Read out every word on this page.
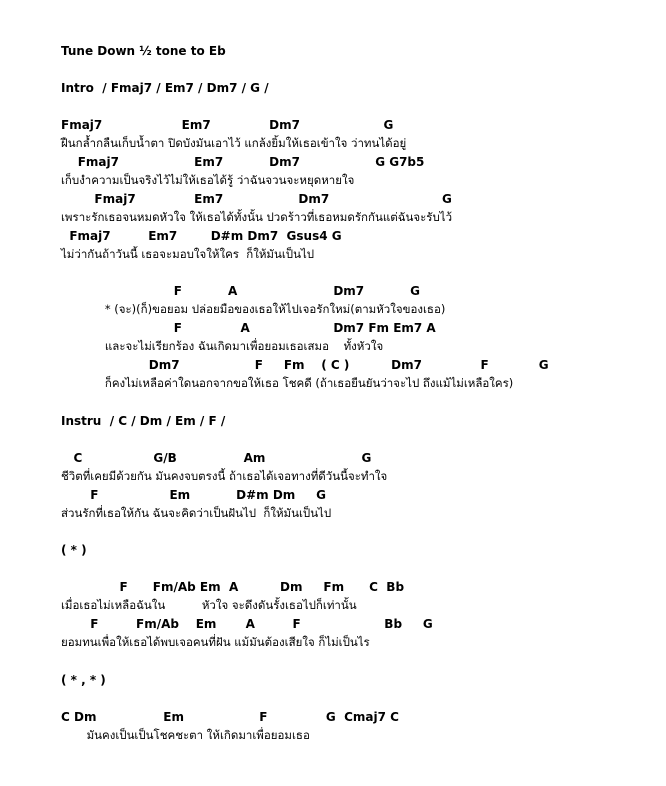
Tune Down ½ tone to Eb
Intro  / Fmaj7 / Em7 / Dm7 / G /
Fmaj7                   Em7              Dm7                    G
ฝืนกล้ำกลืนเก็บน้ำตา ปิดบังมันเอาไว้ แกล้งยิ้มให้เธอเข้าใจ ว่าทนได้อยู่
Fmaj7                  Em7           Dm7                  G G7b5
เก็บงำความเป็นจริงไว้ไม่ให้เธอได้รู้ ว่าฉันจวนจะหยุดหายใจ
Fmaj7              Em7                  Dm7                           G
เพราะรักเธอจนหมดหัวใจ ให้เธอได้ทั้งนั้น ปวดร้าวที่เธอหมดรักกันแต่ฉันจะรับไว้
Fmaj7         Em7        D#m Dm7  Gsus4 G
ไม่ว่ากันถ้าวันนี้ เธอจะมอบใจให้ใคร  ก็ให้มันเป็นไป
F           A                       Dm7           G
* (จะ)(ก็)ขอยอม ปล่อยมือของเธอให้ไปเจอรักใหม่(ตามหัวใจของเธอ)
F              A                    Dm7 Fm Em7 A
และจะไม่เรียกร้อง ฉันเกิดมาเพื่อยอมเธอเสมอ    ทั้งหัวใจ
Dm7                  F     Fm    ( C )          Dm7              F            G
ก็คงไม่เหลือค่าใดนอกจากขอให้เธอ โชคดี (ถ้าเธอยืนยันว่าจะไป ถึงแม้ไม่เหลือใคร)
Instru  / C / Dm / Em / F /
C                 G/B                Am                       G
ชีวิตที่เคยมีด้วยกัน มันคงจบตรงนี้ ถ้าเธอได้เจอทางที่ดีวันนี้จะทำใจ
F                 Em           D#m Dm     G
ส่วนรักที่เธอให้กัน ฉันจะคิดว่าเป็นฝันไป  ก็ให้มันเป็นไป
( * )
F      Fm/Ab Em  A          Dm     Fm      C  Bb
เมื่อเธอไม่เหลือฉันใน          หัวใจ จะดึงดันรั้งเธอไปก็เท่านั้น
F         Fm/Ab    Em       A         F                    Bb     G
ยอมทนเพื่อให้เธอได้พบเจอคนที่ฝัน แม้มันต้องเสียใจ ก็ไม่เป็นไร
( * , * )
C Dm                Em                  F              G  Cmaj7 C
มันคงเป็นเป็นโชคชะตา ให้เกิดมาเพื่อยอมเธอ
